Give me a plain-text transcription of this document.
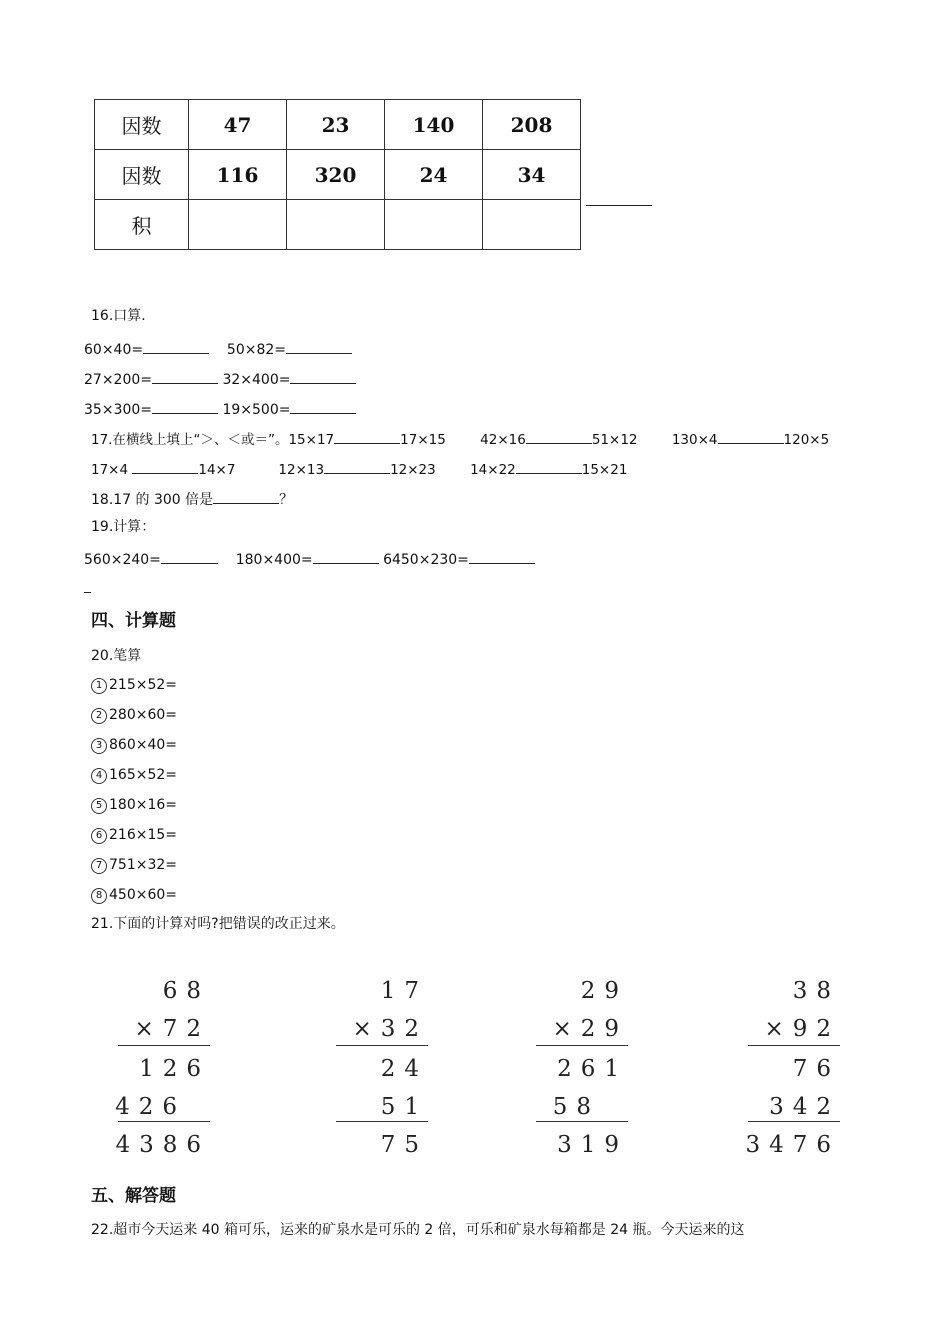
因数	47	23	140	208
因数	116	320	24	34
积				
16.口算.
60×40=	50×82=
27×200=	32×400=
35×300=	19×500=
17.在横线上填上“＞、＜或＝”。15×17	17×15	42×16	51×12	130×4	120×5
17×4	14×7	12×13	12×23	14×22	15×21
18.17 的 300 倍是	？
19.计算：
560×240=	180×400=	6450×230=
四、计算题
20.笔算
1 215×52=
2 280×60=
3 860×40=
4 165×52=
5 180×16=
6 216×15=
7 751×32=
8 450×60=
21.下面的计算对吗?把错误的改正过来。
68
×72
126
426
4386
17
×32
24
51
75
29
×29
261
58
319
38
×92
76
342
3476
五、解答题
22.超市今天运来 40 箱可乐，运来的矿泉水是可乐的 2 倍，可乐和矿泉水每箱都是 24 瓶。今天运来的这
